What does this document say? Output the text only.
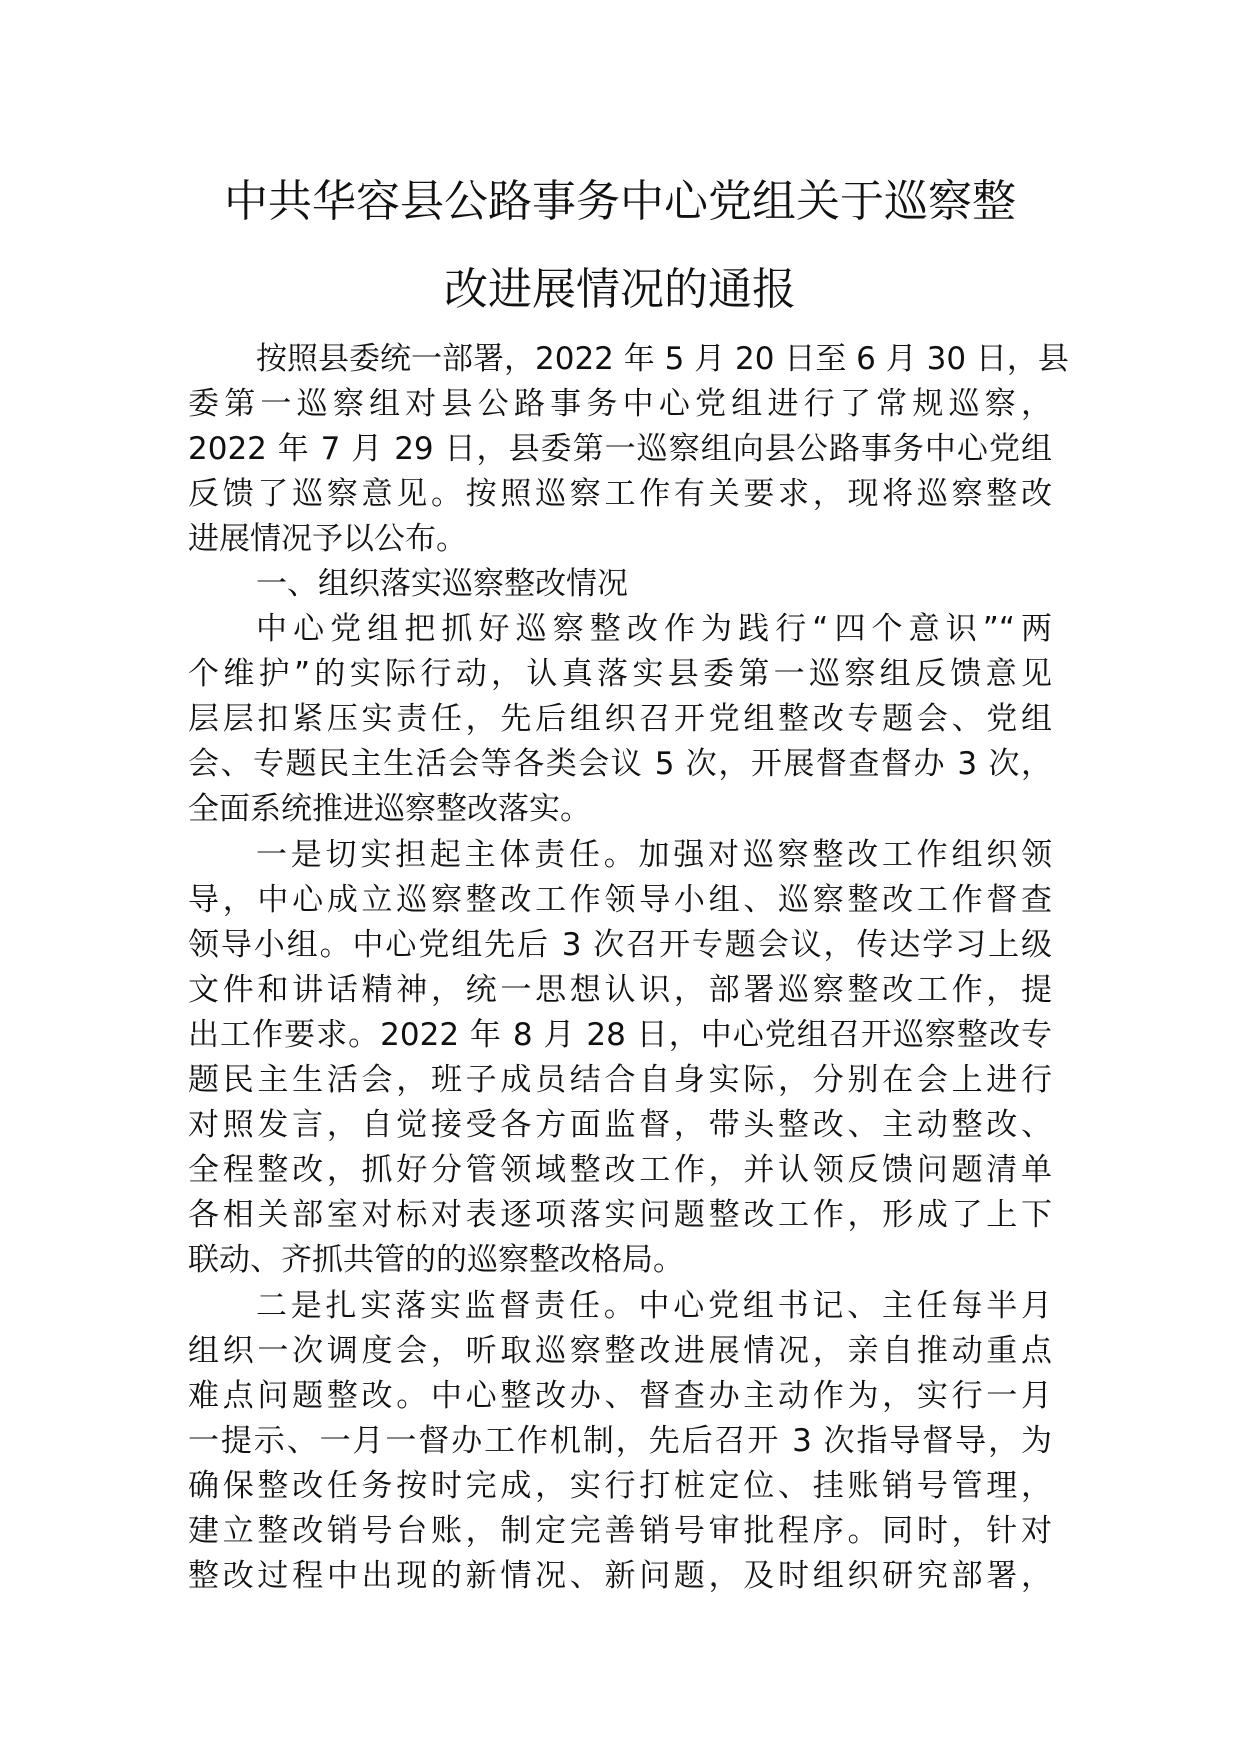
中共华容县公路事务中心党组关于巡察整
改进展情况的通报
按照县委统一部署，2022 年 5 月 20 日至 6 月 30 日，县
委第一巡察组对县公路事务中心党组进行了常规巡察，
2022 年 7 月 29 日，县委第一巡察组向县公路事务中心党组
反馈了巡察意见。按照巡察工作有关要求，现将巡察整改
进展情况予以公布。
一、组织落实巡察整改情况
中心党组把抓好巡察整改作为践行“四个意识”“两
个维护”的实际行动，认真落实县委第一巡察组反馈意见
层层扣紧压实责任，先后组织召开党组整改专题会、党组
会、专题民主生活会等各类会议 5 次，开展督查督办 3 次，
全面系统推进巡察整改落实。
一是切实担起主体责任。加强对巡察整改工作组织领
导，中心成立巡察整改工作领导小组、巡察整改工作督查
领导小组。中心党组先后 3 次召开专题会议，传达学习上级
文件和讲话精神，统一思想认识，部署巡察整改工作，提
出工作要求。2022 年 8 月 28 日，中心党组召开巡察整改专
题民主生活会，班子成员结合自身实际，分别在会上进行
对照发言，自觉接受各方面监督，带头整改、主动整改、
全程整改，抓好分管领域整改工作，并认领反馈问题清单
各相关部室对标对表逐项落实问题整改工作，形成了上下
联动、齐抓共管的的巡察整改格局。
二是扎实落实监督责任。中心党组书记、主任每半月
组织一次调度会，听取巡察整改进展情况，亲自推动重点
难点问题整改。中心整改办、督查办主动作为，实行一月
一提示、一月一督办工作机制，先后召开 3 次指导督导，为
确保整改任务按时完成，实行打桩定位、挂账销号管理，
建立整改销号台账，制定完善销号审批程序。同时，针对
整改过程中出现的新情况、新问题，及时组织研究部署，
